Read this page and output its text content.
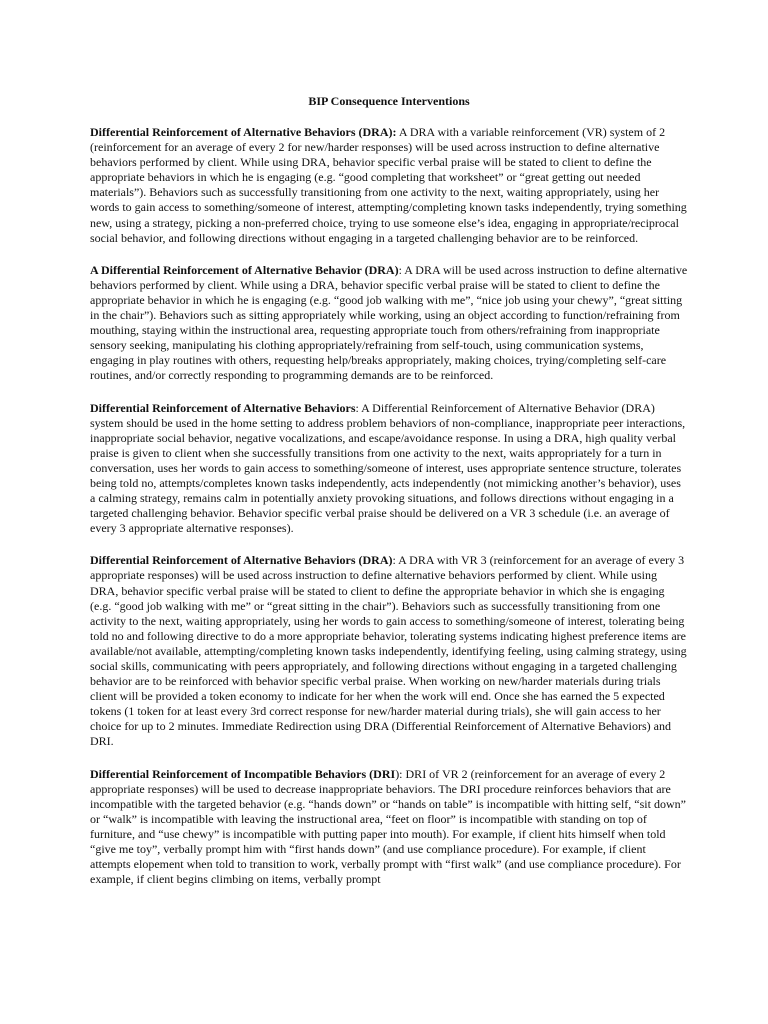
BIP Consequence Interventions

Differential Reinforcement of Alternative Behaviors (DRA): A DRA with a variable reinforcement (VR) system of 2 (reinforcement for an average of every 2 for new/harder responses) will be used across instruction to define alternative behaviors performed by client. While using DRA, behavior specific verbal praise will be stated to client to define the appropriate behaviors in which he is engaging (e.g. “good completing that worksheet” or “great getting out needed materials”). Behaviors such as successfully transitioning from one activity to the next, waiting appropriately, using her words to gain access to something/someone of interest, attempting/completing known tasks independently, trying something new, using a strategy, picking a non-preferred choice, trying to use someone else’s idea, engaging in appropriate/reciprocal social behavior, and following directions without engaging in a targeted challenging behavior are to be reinforced.

A Differential Reinforcement of Alternative Behavior (DRA): A DRA will be used across instruction to define alternative behaviors performed by client. While using a DRA, behavior specific verbal praise will be stated to client to define the appropriate behavior in which he is engaging (e.g. “good job walking with me”, “nice job using your chewy”, “great sitting in the chair”). Behaviors such as sitting appropriately while working, using an object according to function/refraining from mouthing, staying within the instructional area, requesting appropriate touch from others/refraining from inappropriate sensory seeking, manipulating his clothing appropriately/refraining from self-touch, using communication systems, engaging in play routines with others, requesting help/breaks appropriately, making choices, trying/completing self-care routines, and/or correctly responding to programming demands are to be reinforced.

Differential Reinforcement of Alternative Behaviors: A Differential Reinforcement of Alternative Behavior (DRA) system should be used in the home setting to address problem behaviors of non-compliance, inappropriate peer interactions, inappropriate social behavior, negative vocalizations, and escape/avoidance response. In using a DRA, high quality verbal praise is given to client when she successfully transitions from one activity to the next, waits appropriately for a turn in conversation, uses her words to gain access to something/someone of interest, uses appropriate sentence structure, tolerates being told no, attempts/completes known tasks independently, acts independently (not mimicking another’s behavior), uses a calming strategy, remains calm in potentially anxiety provoking situations, and follows directions without engaging in a targeted challenging behavior. Behavior specific verbal praise should be delivered on a VR 3 schedule (i.e. an average of every 3 appropriate alternative responses).

Differential Reinforcement of Alternative Behaviors (DRA): A DRA with VR 3 (reinforcement for an average of every 3 appropriate responses) will be used across instruction to define alternative behaviors performed by client. While using DRA, behavior specific verbal praise will be stated to client to define the appropriate behavior in which she is engaging (e.g. “good job walking with me” or “great sitting in the chair”). Behaviors such as successfully transitioning from one activity to the next, waiting appropriately, using her words to gain access to something/someone of interest, tolerating being told no and following directive to do a more appropriate behavior, tolerating systems indicating highest preference items are available/not available, attempting/completing known tasks independently, identifying feeling, using calming strategy, using social skills, communicating with peers appropriately, and following directions without engaging in a targeted challenging behavior are to be reinforced with behavior specific verbal praise. When working on new/harder materials during trials client will be provided a token economy to indicate for her when the work will end. Once she has earned the 5 expected tokens (1 token for at least every 3rd correct response for new/harder material during trials), she will gain access to her choice for up to 2 minutes. Immediate Redirection using DRA (Differential Reinforcement of Alternative Behaviors) and DRI.

Differential Reinforcement of Incompatible Behaviors (DRI): DRI of VR 2 (reinforcement for an average of every 2 appropriate responses) will be used to decrease inappropriate behaviors. The DRI procedure reinforces behaviors that are incompatible with the targeted behavior (e.g. “hands down” or “hands on table” is incompatible with hitting self, “sit down” or “walk” is incompatible with leaving the instructional area, “feet on floor” is incompatible with standing on top of furniture, and “use chewy” is incompatible with putting paper into mouth). For example, if client hits himself when told “give me toy”, verbally prompt him with “first hands down” (and use compliance procedure). For example, if client attempts elopement when told to transition to work, verbally prompt with “first walk” (and use compliance procedure). For example, if client begins climbing on items, verbally prompt
